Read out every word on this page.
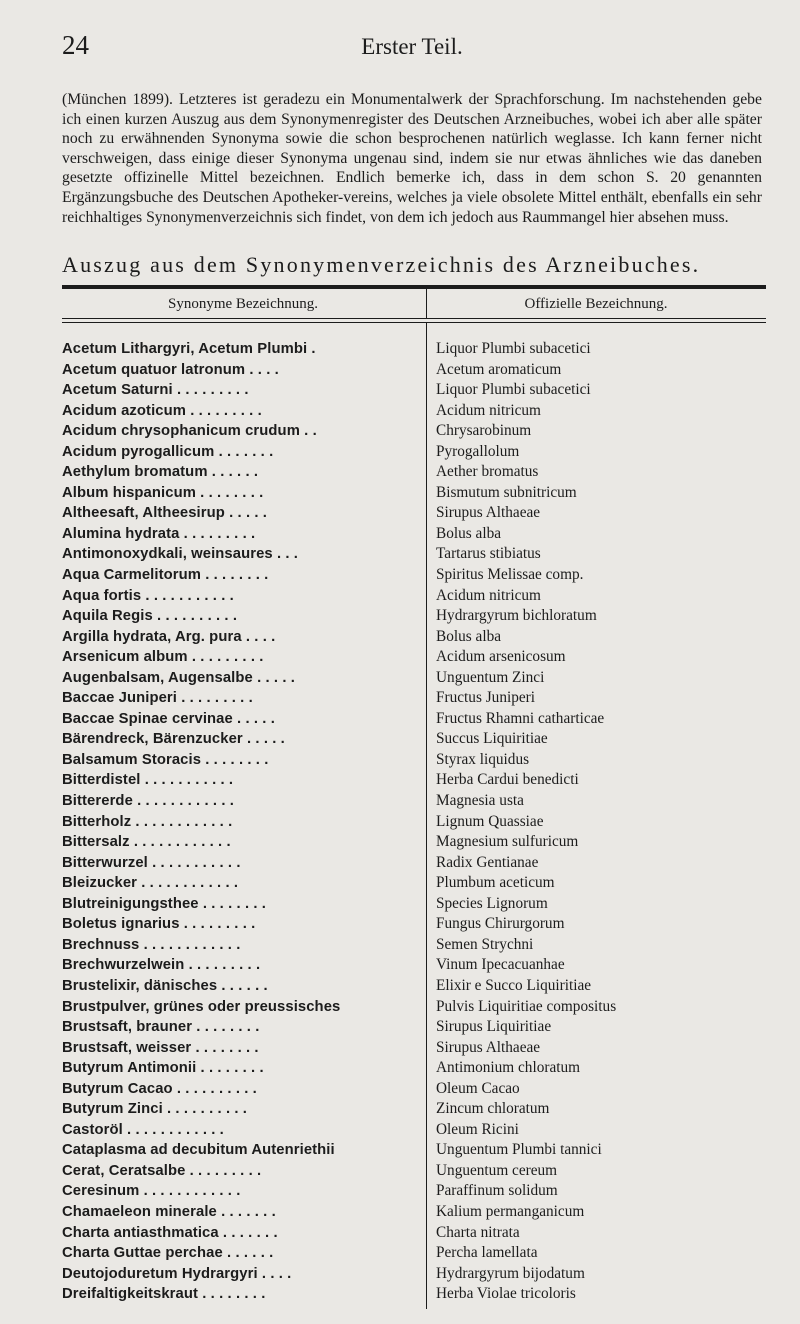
24	Erster Teil.

(München 1899). Letzteres ist geradezu ein Monumentalwerk der Sprachforschung. Im nachstehenden gebe ich einen kurzen Auszug aus dem Synonymenregister des Deutschen Arzneibuches, wobei ich aber alle später noch zu erwähnenden Synonyma sowie die schon besprochenen natürlich weglasse. Ich kann ferner nicht verschweigen, dass einige dieser Synonyma ungenau sind, indem sie nur etwas ähnliches wie das daneben gesetzte offizinelle Mittel bezeichnen. Endlich bemerke ich, dass in dem schon S. 20 genannten Ergänzungsbuche des Deutschen Apotheker-vereins, welches ja viele obsolete Mittel enthält, ebenfalls ein sehr reichhaltiges Synonymenverzeichnis sich findet, von dem ich jedoch aus Raummangel hier absehen muss.

Auszug aus dem Synonymenverzeichnis des Arzneibuches.
Synonyme Bezeichnung.	Offizielle Bezeichnung.
Acetum Lithargyri, Acetum Plumbi .	Liquor Plumbi subacetici
Acetum quatuor latronum . . . .	Acetum aromaticum
Acetum Saturni . . . . . . . . .	Liquor Plumbi subacetici
Acidum azoticum . . . . . . . . .	Acidum nitricum
Acidum chrysophanicum crudum . .	Chrysarobinum
Acidum pyrogallicum . . . . . . .	Pyrogallolum
Aethylum bromatum . . . . . .	Aether bromatus
Album hispanicum . . . . . . . .	Bismutum subnitricum
Altheesaft, Altheesirup . . . . .	Sirupus Althaeae
Alumina hydrata . . . . . . . . .	Bolus alba
Antimonoxydkali, weinsaures . . .	Tartarus stibiatus
Aqua Carmelitorum . . . . . . . .	Spiritus Melissae comp.
Aqua fortis . . . . . . . . . . .	Acidum nitricum
Aquila Regis . . . . . . . . . .	Hydrargyrum bichloratum
Argilla hydrata, Arg. pura . . . .	Bolus alba
Arsenicum album . . . . . . . . .	Acidum arsenicosum
Augenbalsam, Augensalbe . . . . .	Unguentum Zinci
Baccae Juniperi . . . . . . . . .	Fructus Juniperi
Baccae Spinae cervinae . . . . .	Fructus Rhamni catharticae
Bärendreck, Bärenzucker . . . . .	Succus Liquiritiae
Balsamum Storacis . . . . . . . .	Styrax liquidus
Bitterdistel . . . . . . . . . . .	Herba Cardui benedicti
Bittererde . . . . . . . . . . . .	Magnesia usta
Bitterholz . . . . . . . . . . . .	Lignum Quassiae
Bittersalz . . . . . . . . . . . .	Magnesium sulfuricum
Bitterwurzel . . . . . . . . . . .	Radix Gentianae
Bleizucker . . . . . . . . . . . .	Plumbum aceticum
Blutreinigungsthee . . . . . . . .	Species Lignorum
Boletus ignarius . . . . . . . . .	Fungus Chirurgorum
Brechnuss . . . . . . . . . . . .	Semen Strychni
Brechwurzelwein . . . . . . . . .	Vinum Ipecacuanhae
Brustelixir, dänisches . . . . . .	Elixir e Succo Liquiritiae
Brustpulver, grünes oder preussisches	Pulvis Liquiritiae compositus
Brustsaft, brauner . . . . . . . .	Sirupus Liquiritiae
Brustsaft, weisser . . . . . . . .	Sirupus Althaeae
Butyrum Antimonii . . . . . . . .	Antimonium chloratum
Butyrum Cacao . . . . . . . . . .	Oleum Cacao
Butyrum Zinci . . . . . . . . . .	Zincum chloratum
Castoröl . . . . . . . . . . . .	Oleum Ricini
Cataplasma ad decubitum Autenriethii	Unguentum Plumbi tannici
Cerat, Ceratsalbe . . . . . . . . .	Unguentum cereum
Ceresinum . . . . . . . . . . . .	Paraffinum solidum
Chamaeleon minerale . . . . . . .	Kalium permanganicum
Charta antiasthmatica . . . . . . .	Charta nitrata
Charta Guttae perchae . . . . . .	Percha lamellata
Deutojoduretum Hydrargyri . . . .	Hydrargyrum bijodatum
Dreifaltigkeitskraut . . . . . . . .	Herba Violae tricoloris
